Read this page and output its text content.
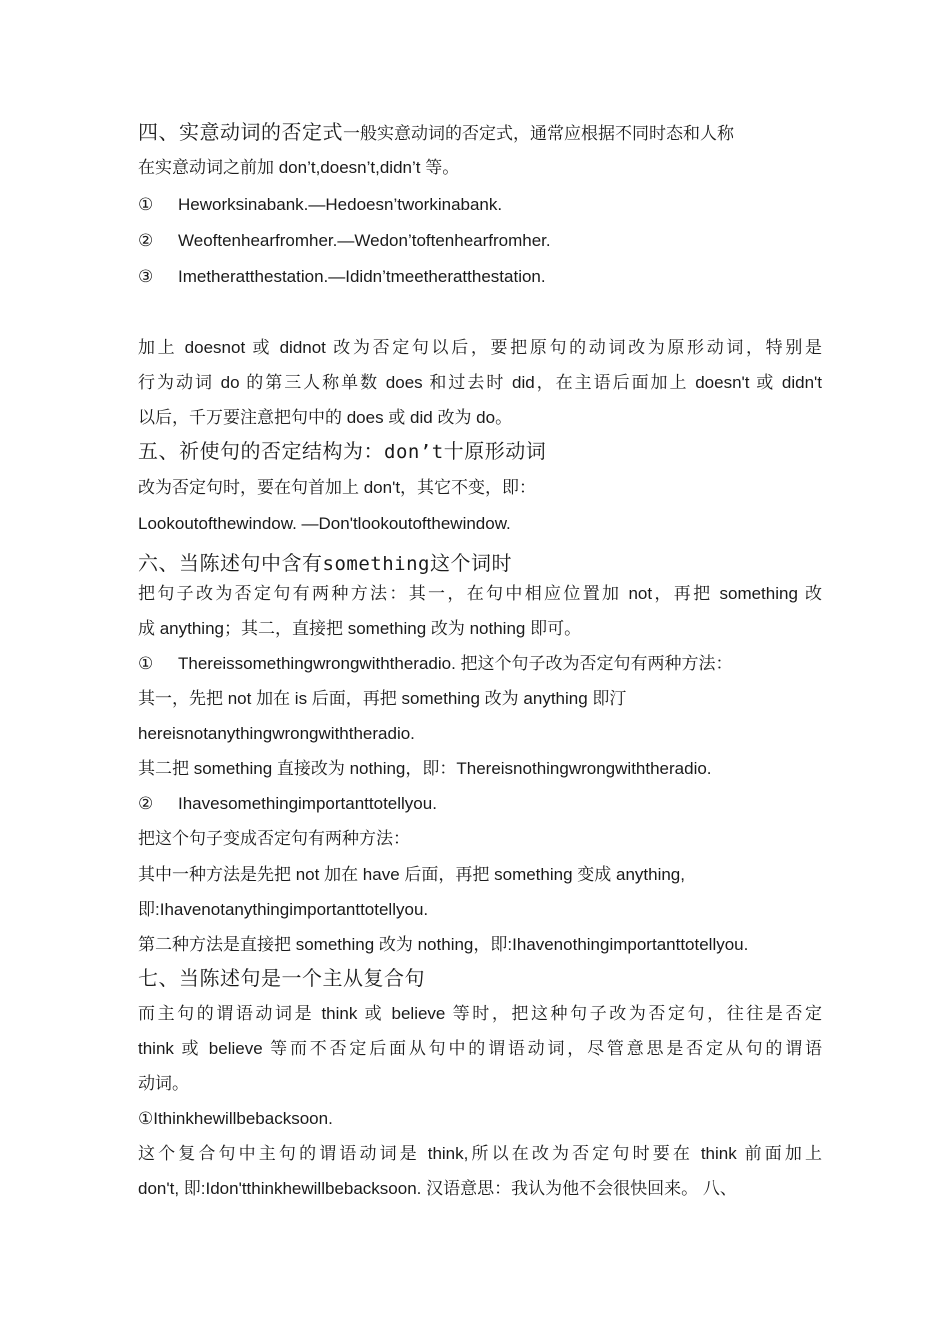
四、实意动词的否定式一般实意动词的否定式，通常应根据不同时态和人称
在实意动词之前加 don’t,doesn’t,didn’t 等。
① Heworksinabank.—Hedoesn’tworkinabank.
② Weoftenhearfromher.—Wedon’toftenhearfromher.
③ Imetheratthestation.—Ididn’tmeetheratthestation.
加上 doesnot 或 didnot 改为否定句以后，要把原句的动词改为原形动词，特别是
行为动词 do 的第三人称单数 does 和过去时 did，在主语后面加上 doesn't 或 didn't
以后，千万要注意把句中的 does 或 did 改为 do。
五、祈使句的否定结构为：don’t十原形动词
改为否定句时，要在句首加上 don't，其它不变，即：
Lookoutofthewindow. —Don'tlookoutofthewindow.
六、当陈述句中含有something这个词时
把句子改为否定句有两种方法：其一，在句中相应位置加 not，再把 something 改
成 anything；其二，直接把 something 改为 nothing 即可。
① Thereissomethingwrongwiththeradio. 把这个句子改为否定句有两种方法：
其一，先把 not 加在 is 后面，再把 something 改为 anything 即汀
hereisnotanythingwrongwiththeradio.
其二把 something 直接改为 nothing，即：Thereisnothingwrongwiththeradio.
② Ihavesomethingimportanttotellyou.
把这个句子变成否定句有两种方法：
其中一种方法是先把 not 加在 have 后面，再把 something 变成 anything,
即:Ihavenotanythingimportanttotellyou.
第二种方法是直接把 something 改为 nothing，即:Ihavenothingimportanttotellyou.
七、当陈述句是一个主从复合句
而主句的谓语动词是 think 或 believe 等时，把这种句子改为否定句，往往是否定
think 或 believe 等而不否定后面从句中的谓语动词，尽管意思是否定从句的谓语
动词。
①Ithinkhewillbebacksoon.
这个复合句中主句的谓语动词是 think,所以在改为否定句时要在 think 前面加上
don't, 即:Idon'tthinkhewillbebacksoon. 汉语意思：我认为他不会很快回来。 八、
